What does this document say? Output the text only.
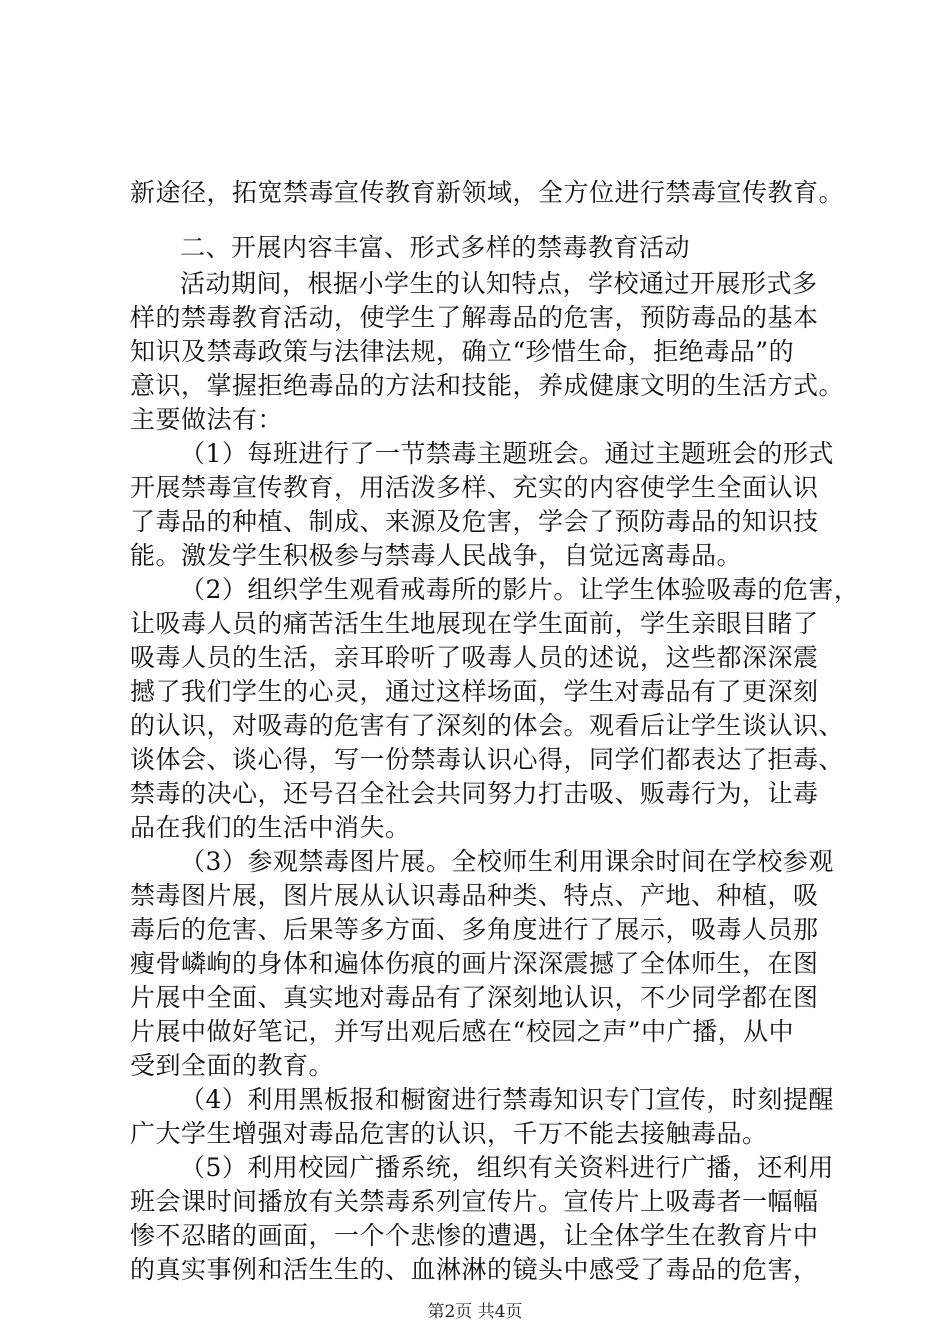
新途径，拓宽禁毒宣传教育新领域，全方位进行禁毒宣传教育。
二、开展内容丰富、形式多样的禁毒教育活动
活动期间，根据小学生的认知特点，学校通过开展形式多
样的禁毒教育活动，使学生了解毒品的危害，预防毒品的基本
知识及禁毒政策与法律法规，确立“珍惜生命，拒绝毒品”的
意识，掌握拒绝毒品的方法和技能，养成健康文明的生活方式。
主要做法有：
（1）每班进行了一节禁毒主题班会。通过主题班会的形式
开展禁毒宣传教育，用活泼多样、充实的内容使学生全面认识
了毒品的种植、制成、来源及危害，学会了预防毒品的知识技
能。激发学生积极参与禁毒人民战争，自觉远离毒品。
（2）组织学生观看戒毒所的影片。让学生体验吸毒的危害，
让吸毒人员的痛苦活生生地展现在学生面前，学生亲眼目睹了
吸毒人员的生活，亲耳聆听了吸毒人员的述说，这些都深深震
撼了我们学生的心灵，通过这样场面，学生对毒品有了更深刻
的认识，对吸毒的危害有了深刻的体会。观看后让学生谈认识、
谈体会、谈心得，写一份禁毒认识心得，同学们都表达了拒毒、
禁毒的决心，还号召全社会共同努力打击吸、贩毒行为，让毒
品在我们的生活中消失。
（3）参观禁毒图片展。全校师生利用课余时间在学校参观
禁毒图片展，图片展从认识毒品种类、特点、产地、种植，吸
毒后的危害、后果等多方面、多角度进行了展示，吸毒人员那
瘦骨嶙峋的身体和遍体伤痕的画片深深震撼了全体师生，在图
片展中全面、真实地对毒品有了深刻地认识，不少同学都在图
片展中做好笔记，并写出观后感在“校园之声”中广播，从中
受到全面的教育。
（4）利用黑板报和橱窗进行禁毒知识专门宣传，时刻提醒
广大学生增强对毒品危害的认识，千万不能去接触毒品。
（5）利用校园广播系统，组织有关资料进行广播，还利用
班会课时间播放有关禁毒系列宣传片。宣传片上吸毒者一幅幅
惨不忍睹的画面，一个个悲惨的遭遇，让全体学生在教育片中
的真实事例和活生生的、血淋淋的镜头中感受了毒品的危害，
第2页 共4页
